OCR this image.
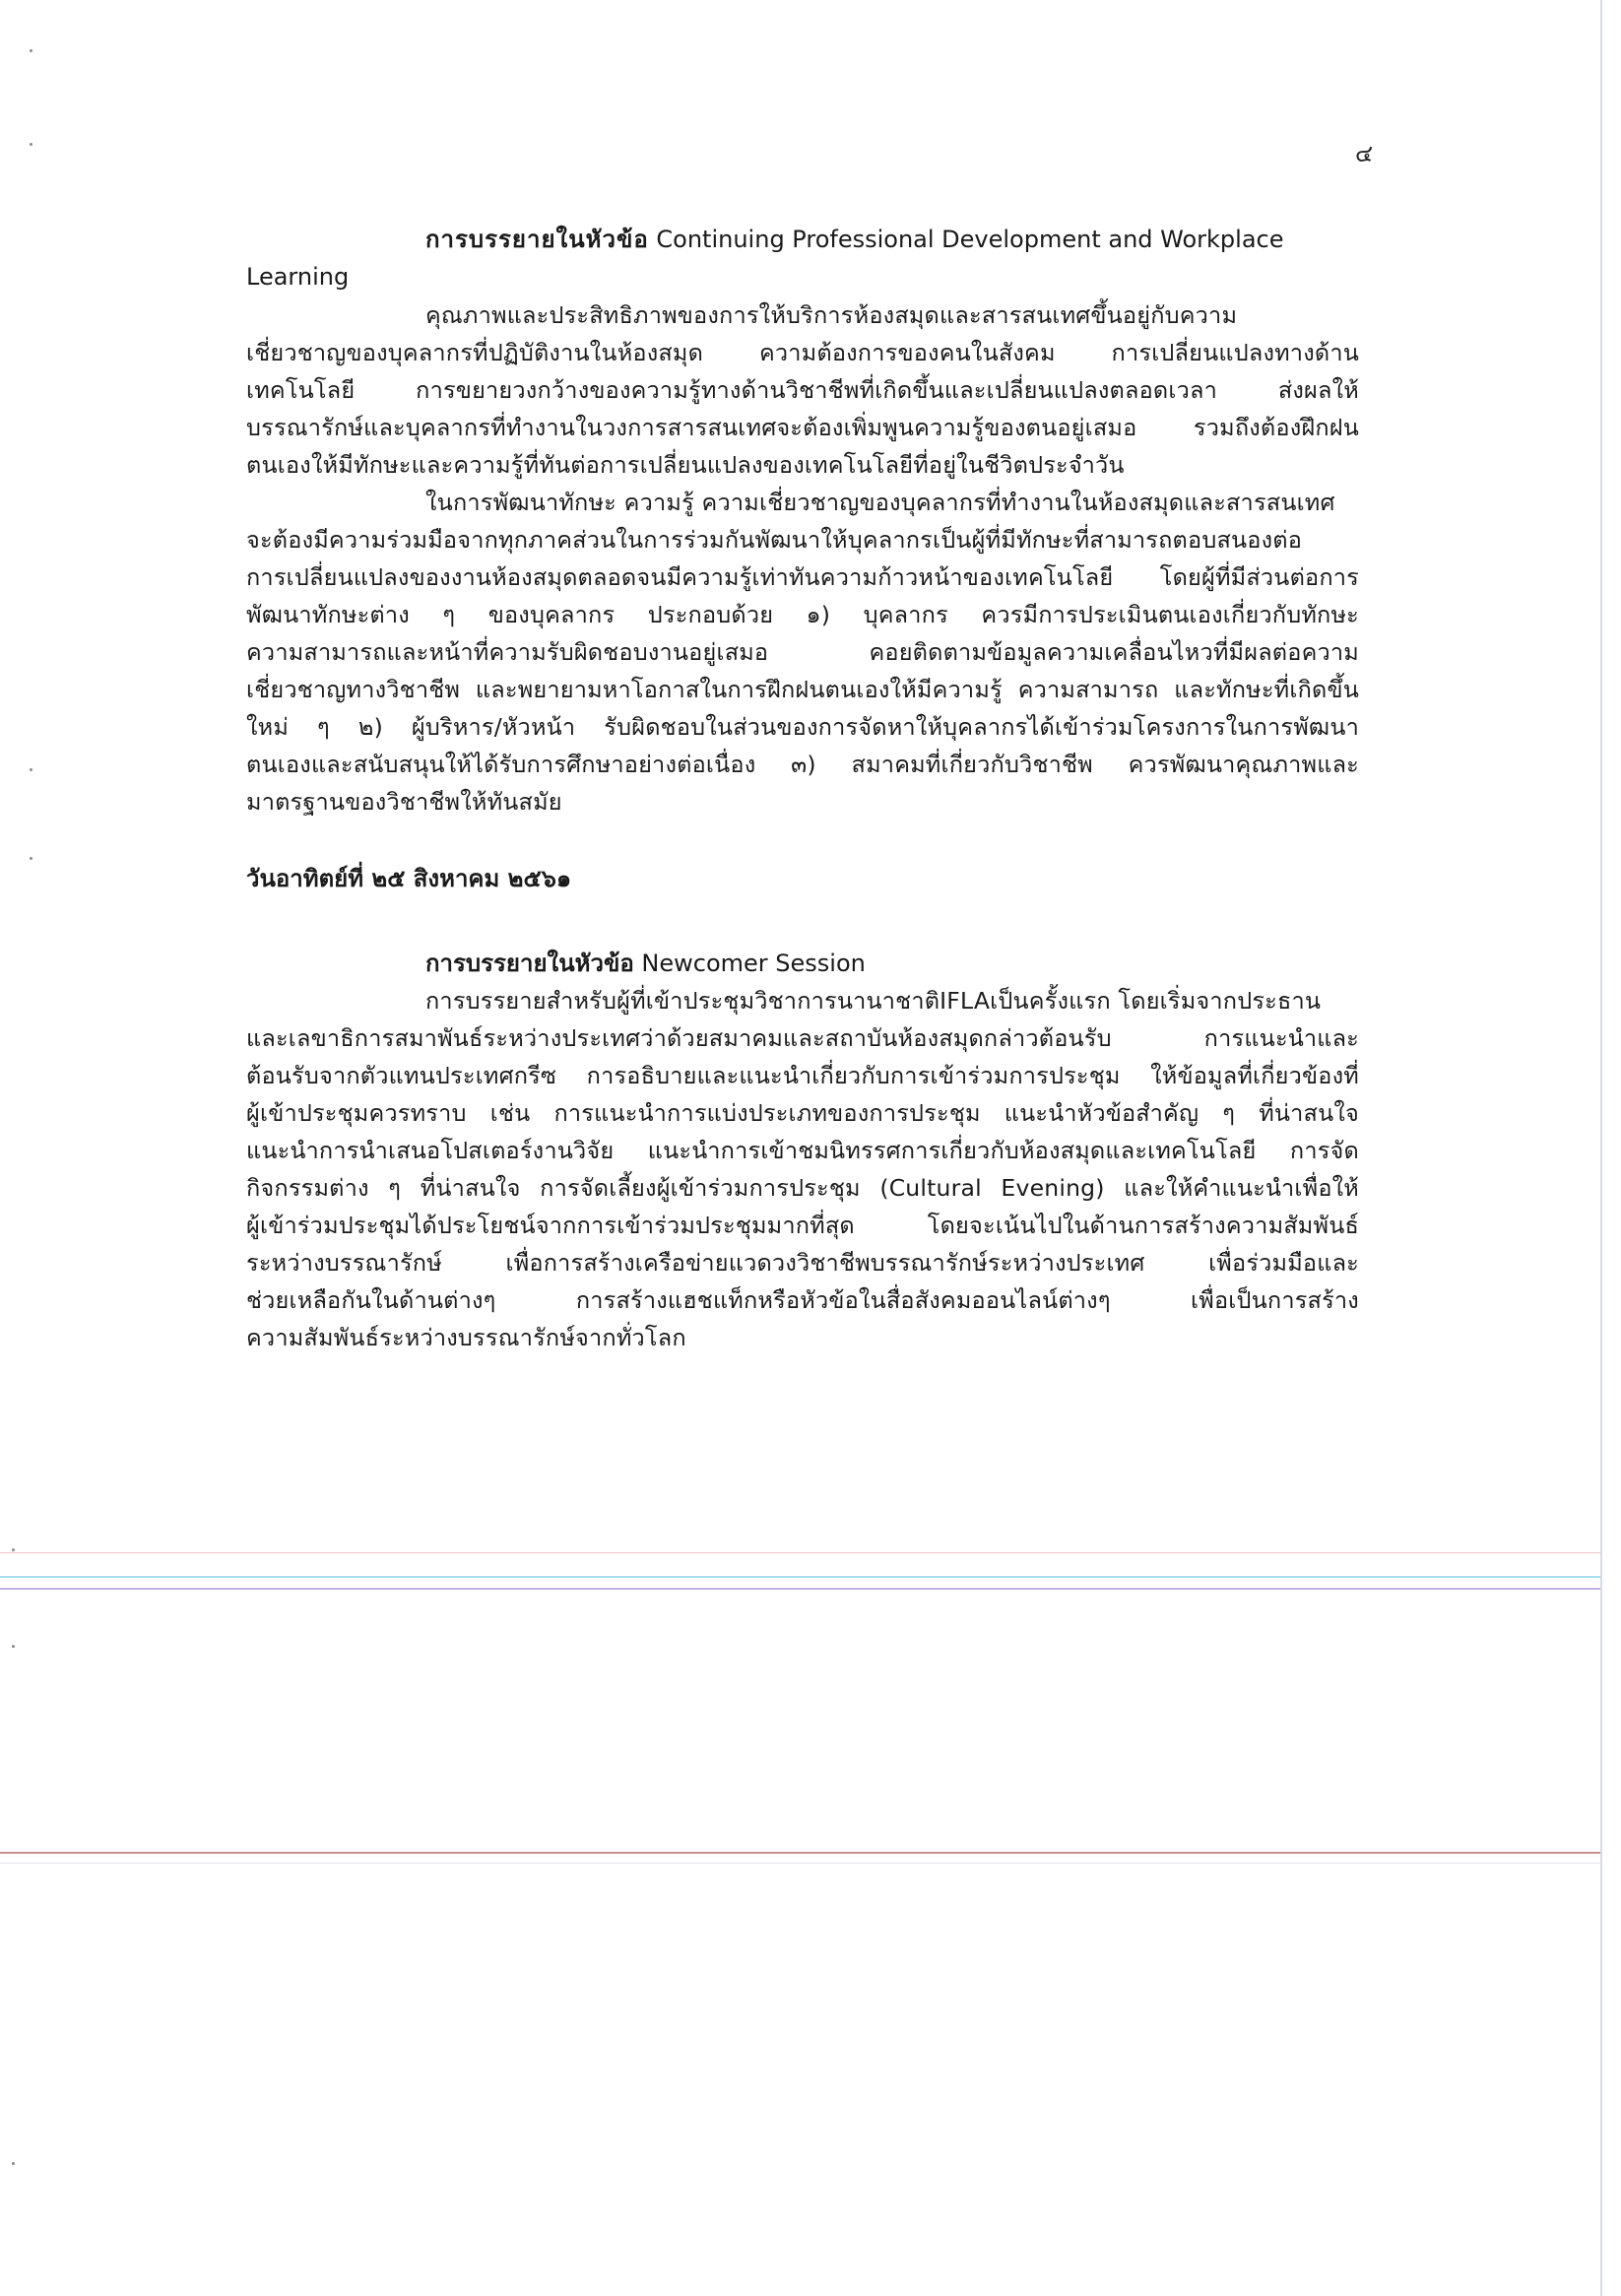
๔
การบรรยายในหัวข้อ Continuing Professional Development and Workplace
Learning
คุณภาพและประสิทธิภาพของการให้บริการห้องสมุดและสารสนเทศขึ้นอยู่กับความ
เชี่ยวชาญของบุคลากรที่ปฏิบัติงานในห้องสมุด ความต้องการของคนในสังคม การเปลี่ยนแปลงทางด้าน
เทคโนโลยี การขยายวงกว้างของความรู้ทางด้านวิชาชีพที่เกิดขึ้นและเปลี่ยนแปลงตลอดเวลา ส่งผลให้
บรรณารักษ์และบุคลากรที่ทำงานในวงการสารสนเทศจะต้องเพิ่มพูนความรู้ของตนอยู่เสมอ รวมถึงต้องฝึกฝน
ตนเองให้มีทักษะและความรู้ที่ทันต่อการเปลี่ยนแปลงของเทคโนโลยีที่อยู่ในชีวิตประจำวัน
ในการพัฒนาทักษะ ความรู้ ความเชี่ยวชาญของบุคลากรที่ทำงานในห้องสมุดและสารสนเทศ
จะต้องมีความร่วมมือจากทุกภาคส่วนในการร่วมกันพัฒนาให้บุคลากรเป็นผู้ที่มีทักษะที่สามารถตอบสนองต่อ
การเปลี่ยนแปลงของงานห้องสมุดตลอดจนมีความรู้เท่าทันความก้าวหน้าของเทคโนโลยี โดยผู้ที่มีส่วนต่อการ
พัฒนาทักษะต่าง ๆ ของบุคลากร ประกอบด้วย ๑) บุคลากร ควรมีการประเมินตนเองเกี่ยวกับทักษะ
ความสามารถและหน้าที่ความรับผิดชอบงานอยู่เสมอ คอยติดตามข้อมูลความเคลื่อนไหวที่มีผลต่อความ
เชี่ยวชาญทางวิชาชีพ และพยายามหาโอกาสในการฝึกฝนตนเองให้มีความรู้ ความสามารถ และทักษะที่เกิดขึ้น
ใหม่ ๆ ๒) ผู้บริหาร/หัวหน้า รับผิดชอบในส่วนของการจัดหาให้บุคลากรได้เข้าร่วมโครงการในการพัฒนา
ตนเองและสนับสนุนให้ได้รับการศึกษาอย่างต่อเนื่อง ๓) สมาคมที่เกี่ยวกับวิชาชีพ ควรพัฒนาคุณภาพและ
มาตรฐานของวิชาชีพให้ทันสมัย
วันอาทิตย์ที่ ๒๕ สิงหาคม ๒๕๖๑
การบรรยายในหัวข้อ Newcomer Session
การบรรยายสำหรับผู้ที่เข้าประชุมวิชาการนานาชาติIFLAเป็นครั้งแรก โดยเริ่มจากประธาน
และเลขาธิการสมาพันธ์ระหว่างประเทศว่าด้วยสมาคมและสถาบันห้องสมุดกล่าวต้อนรับ การแนะนำและ
ต้อนรับจากตัวแทนประเทศกรีซ การอธิบายและแนะนำเกี่ยวกับการเข้าร่วมการประชุม ให้ข้อมูลที่เกี่ยวข้องที่
ผู้เข้าประชุมควรทราบ เช่น การแนะนำการแบ่งประเภทของการประชุม แนะนำหัวข้อสำคัญ ๆ ที่น่าสนใจ
แนะนำการนำเสนอโปสเตอร์งานวิจัย แนะนำการเข้าชมนิทรรศการเกี่ยวกับห้องสมุดและเทคโนโลยี การจัด
กิจกรรมต่าง ๆ ที่น่าสนใจ การจัดเลี้ยงผู้เข้าร่วมการประชุม (Cultural Evening) และให้คำแนะนำเพื่อให้
ผู้เข้าร่วมประชุมได้ประโยชน์จากการเข้าร่วมประชุมมากที่สุด โดยจะเน้นไปในด้านการสร้างความสัมพันธ์
ระหว่างบรรณารักษ์ เพื่อการสร้างเครือข่ายแวดวงวิชาชีพบรรณารักษ์ระหว่างประเทศ เพื่อร่วมมือและ
ช่วยเหลือกันในด้านต่างๆ การสร้างแฮชแท็กหรือหัวข้อในสื่อสังคมออนไลน์ต่างๆ เพื่อเป็นการสร้าง
ความสัมพันธ์ระหว่างบรรณารักษ์จากทั่วโลก
